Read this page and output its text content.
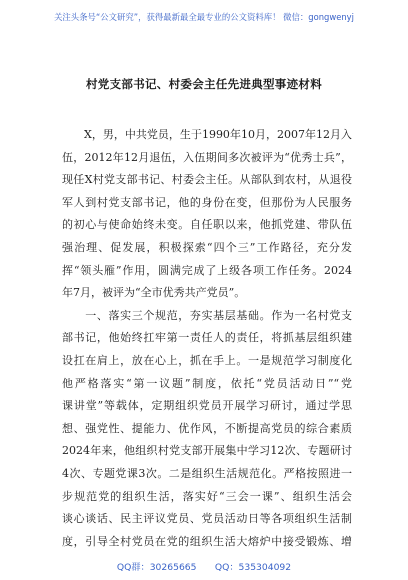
关注头条号“公文研究”，获得最新最全最专业的公文资料库！ 微信：gongwenyj
村党支部书记、村委会主任先进典型事迹材料
　　X，男，中共党员，生于1990年10月，2007年12月入
伍，2012年12月退伍，入伍期间多次被评为“优秀士兵”，
现任X村党支部书记、村委会主任。从部队到农村，从退役
军人到村党支部书记，他的身份在变，但那份为人民服务
的初心与使命始终未变。自任职以来，他抓党建、带队伍
强治理、促发展，积极探索“四个三”工作路径，充分发
挥“领头雁”作用，圆满完成了上级各项工作任务。2024
年7月，被评为“全市优秀共产党员”。
　　一、落实三个规范，夯实基层基础。作为一名村党支
部书记，他始终扛牢第一责任人的责任，将抓基层组织建
设扛在肩上，放在心上，抓在手上。一是规范学习制度化
他严格落实“第一议题”制度，依托“党员活动日”“党
课讲堂”等载体，定期组织党员开展学习研讨，通过学思
想、强党性、提能力、优作风，不断提高党员的综合素质
2024年来，他组织村党支部开展集中学习12次、专题研讨
4次、专题党课3次。二是组织生活规范化。严格按照进一
步规范党的组织生活，落实好“三会一课”、组织生活会
谈心谈话、民主评议党员、党员活动日等各项组织生活制
度，引导全村党员在党的组织生活大熔炉中接受锻炼、增
QQ群：30265665　　QQ：535304092
